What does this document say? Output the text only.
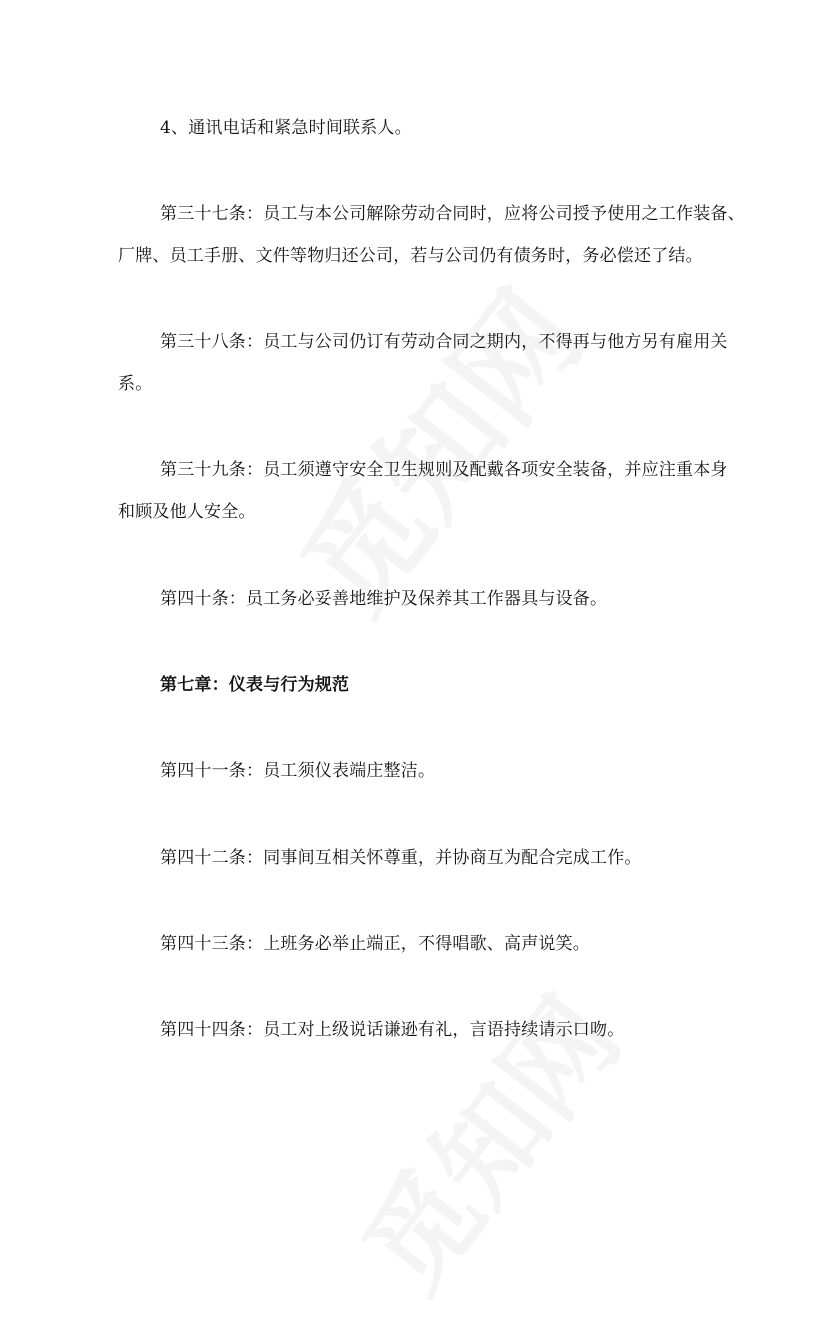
4、通讯电话和紧急时间联系人。

第三十七条：员工与本公司解除劳动合同时，应将公司授予使用之工作装备、

厂牌、员工手册、文件等物归还公司，若与公司仍有债务时，务必偿还了结。

第三十八条：员工与公司仍订有劳动合同之期内，不得再与他方另有雇用关

系。

第三十九条：员工须遵守安全卫生规则及配戴各项安全装备，并应注重本身

和顾及他人安全。

第四十条：员工务必妥善地维护及保养其工作器具与设备。

第七章：仪表与行为规范

第四十一条：员工须仪表端庄整洁。

第四十二条：同事间互相关怀尊重，并协商互为配合完成工作。

第四十三条：上班务必举止端正，不得唱歌、高声说笑。

第四十四条：员工对上级说话谦逊有礼，言语持续请示口吻。
